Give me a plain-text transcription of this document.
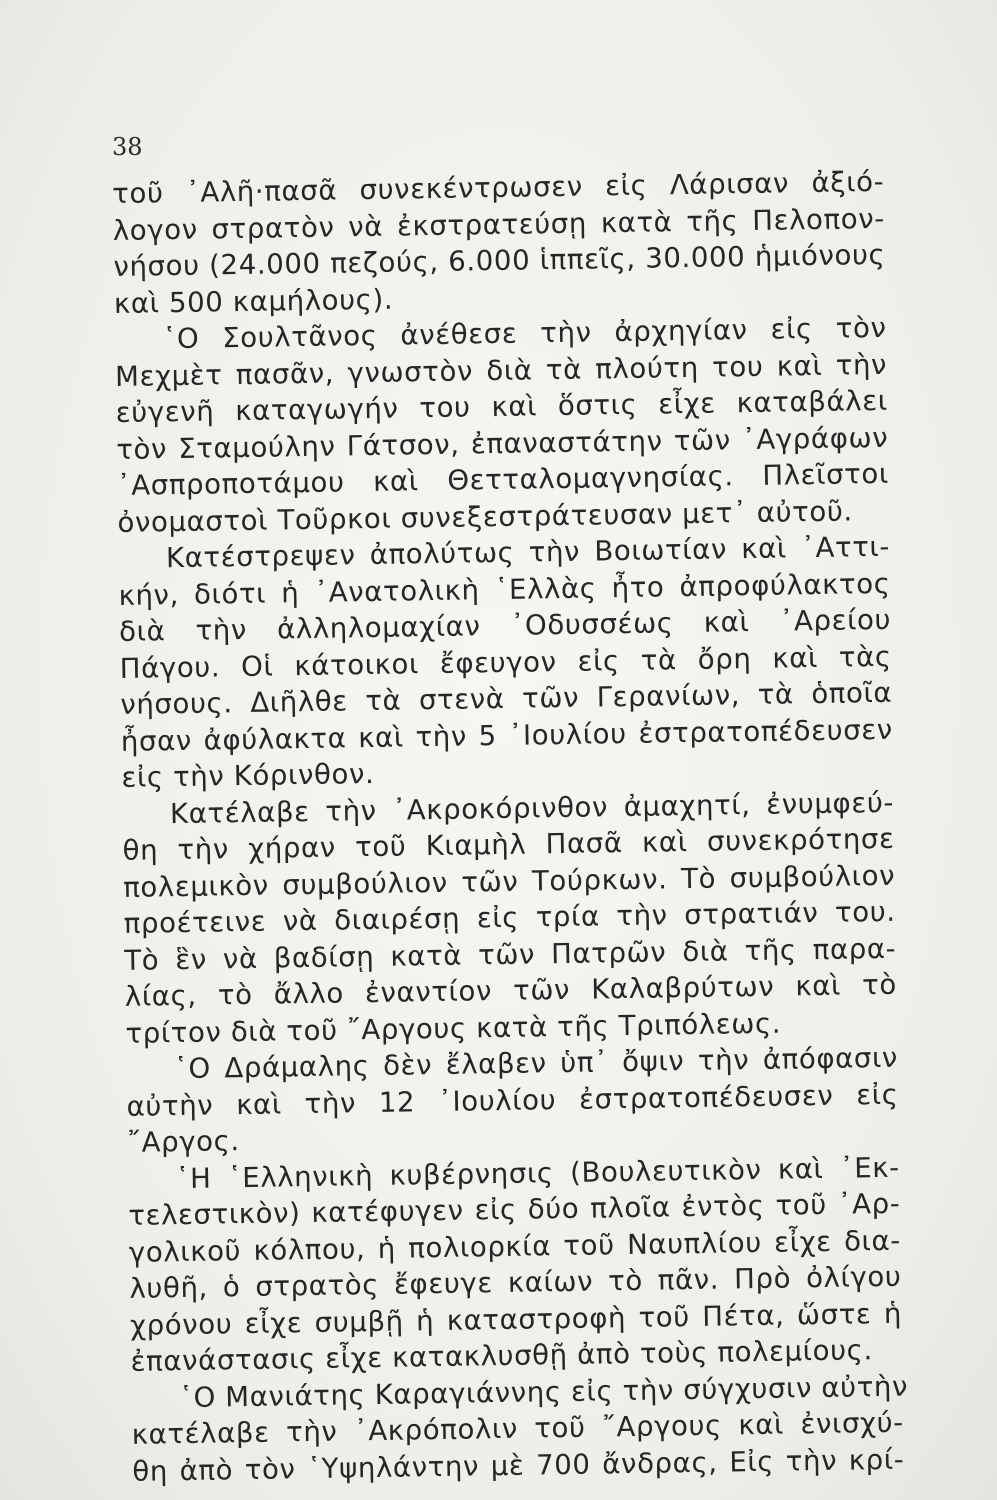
38

τοῦ ᾿Αλῆ·πασᾶ συνεκέντρωσεν εἰς Λάρισαν ἀξιό-
λογον στρατὸν νὰ ἐκστρατεύσῃ κατὰ τῆς Πελοπον-
νήσου (24.000 πεζούς, 6.000 ἱππεῖς, 30.000 ἡμιόνους
καὶ 500 καμήλους).
῾Ο Σουλτᾶνος ἀνέθεσε τὴν ἀρχηγίαν εἰς τὸν
Μεχμὲτ πασᾶν, γνωστὸν διὰ τὰ πλούτη του καὶ τὴν
εὐγενῆ καταγωγήν του καὶ ὅστις εἶχε καταβάλει
τὸν Σταμούλην Γάτσον, ἐπαναστάτην τῶν ᾿Αγράφων
᾿Ασπροποτάμου καὶ Θετταλομαγνησίας. Πλεῖστοι
ὀνομαστοὶ Τοῦρκοι συνεξεστράτευσαν μετ᾿ αὐτοῦ.
Κατέστρεψεν ἀπολύτως τὴν Βοιωτίαν καὶ ᾿Αττι-
κήν, διότι ἡ ᾿Ανατολικὴ ῾Ελλὰς ἦτο ἀπροφύλακτος
διὰ τὴν ἀλληλομαχίαν ᾿Οδυσσέως καὶ ᾿Αρείου
Πάγου. Οἱ κάτοικοι ἔφευγον εἰς τὰ ὄρη καὶ τὰς
νήσους. Διῆλθε τὰ στενὰ τῶν Γερανίων, τὰ ὁποῖα
ἦσαν ἀφύλακτα καὶ τὴν 5 ᾿Ιουλίου ἐστρατοπέδευσεν
εἰς τὴν Κόρινθον.
Κατέλαβε τὴν ᾿Ακροκόρινθον ἀμαχητί, ἐνυμφεύ-
θη τὴν χήραν τοῦ Κιαμὴλ Πασᾶ καὶ συνεκρότησε
πολεμικὸν συμβούλιον τῶν Τούρκων. Τὸ συμβούλιον
προέτεινε νὰ διαιρέσῃ εἰς τρία τὴν στρατιάν του.
Τὸ ἓν νὰ βαδίσῃ κατὰ τῶν Πατρῶν διὰ τῆς παρα-
λίας, τὸ ἄλλο ἐναντίον τῶν Καλαβρύτων καὶ τὸ
τρίτον διὰ τοῦ ῎Αργους κατὰ τῆς Τριπόλεως.
῾Ο Δράμαλης δὲν ἔλαβεν ὑπ᾿ ὄψιν τὴν ἀπόφασιν
αὐτὴν καὶ τὴν 12 ᾿Ιουλίου ἐστρατοπέδευσεν εἰς
῎Αργος.
῾Η ῾Ελληνικὴ κυβέρνησις (Βουλευτικὸν καὶ ᾿Εκ-
τελεστικὸν) κατέφυγεν εἰς δύο πλοῖα ἐντὸς τοῦ ᾿Αρ-
γολικοῦ κόλπου, ἡ πολιορκία τοῦ Ναυπλίου εἶχε δια-
λυθῆ, ὁ στρατὸς ἔφευγε καίων τὸ πᾶν. Πρὸ ὀλίγου
χρόνου εἶχε συμβῇ ἡ καταστροφὴ τοῦ Πέτα, ὥστε ἡ
ἐπανάστασις εἶχε κατακλυσθῇ ἀπὸ τοὺς πολεμίους.
῾Ο Μανιάτης Καραγιάννης εἰς τὴν σύγχυσιν αὐτὴν
κατέλαβε τὴν ᾿Ακρόπολιν τοῦ ῎Αργους καὶ ἐνισχύ-
θη ἀπὸ τὸν ῾Υψηλάντην μὲ 700 ἄνδρας, Εἰς τὴν κρί-
